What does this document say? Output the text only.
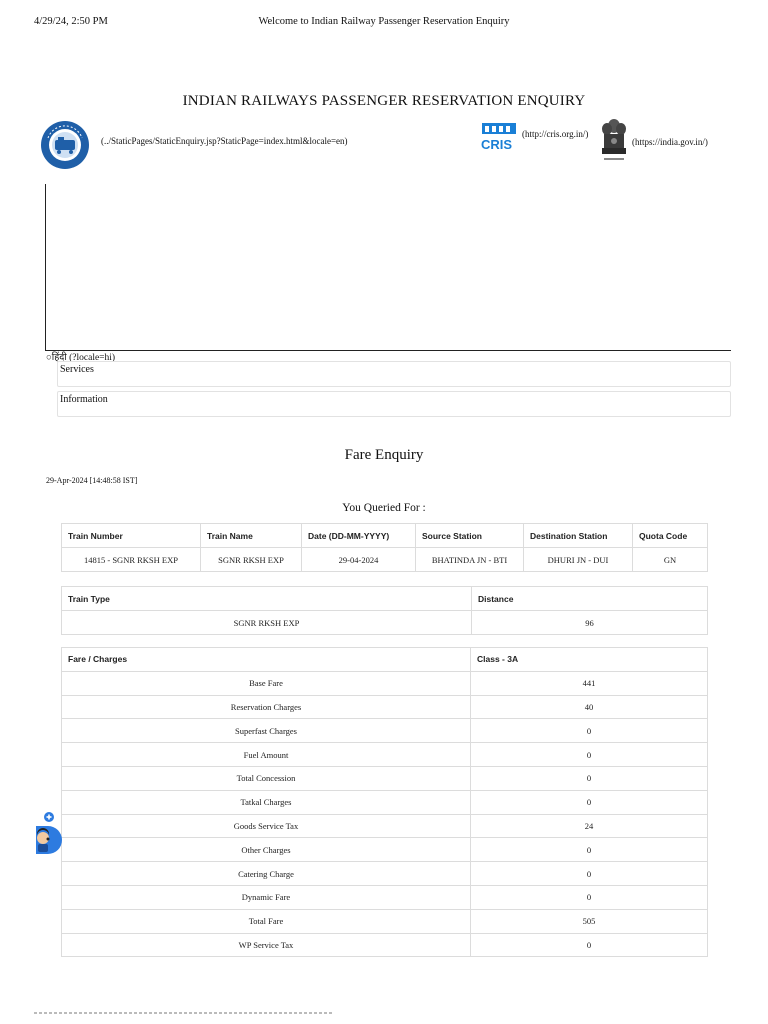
4/29/24, 2:50 PM	Welcome to Indian Railway Passenger Reservation Enquiry
INDIAN RAILWAYS PASSENGER RESERVATION ENQUIRY
(../StaticPages/StaticEnquiry.jsp?StaticPage=index.html&locale=en)	CRIS
(http://cris.org.in/)
(https://india.gov.in/)
○हिंदी (?locale=hi)
Services
Information
Fare Enquiry
29-Apr-2024 [14:48:58 IST]
You Queried For :
Train Number	Train Name	Date (DD-MM-YYYY)	Source Station	Destination Station	Quota Code
14815 - SGNR RKSH EXP	SGNR RKSH EXP	29-04-2024	BHATINDA JN - BTI	DHURI JN - DUI	GN
Train Type	Distance
SGNR RKSH EXP	96
Fare / Charges	Class - 3A
Base Fare	441
Reservation Charges	40
Superfast Charges	0
Fuel Amount	0
Total Concession	0
Tatkal Charges	0
Goods Service Tax	24
Other Charges	0
Catering Charge	0
Dynamic Fare	0
Total Fare	505
WP Service Tax	0
